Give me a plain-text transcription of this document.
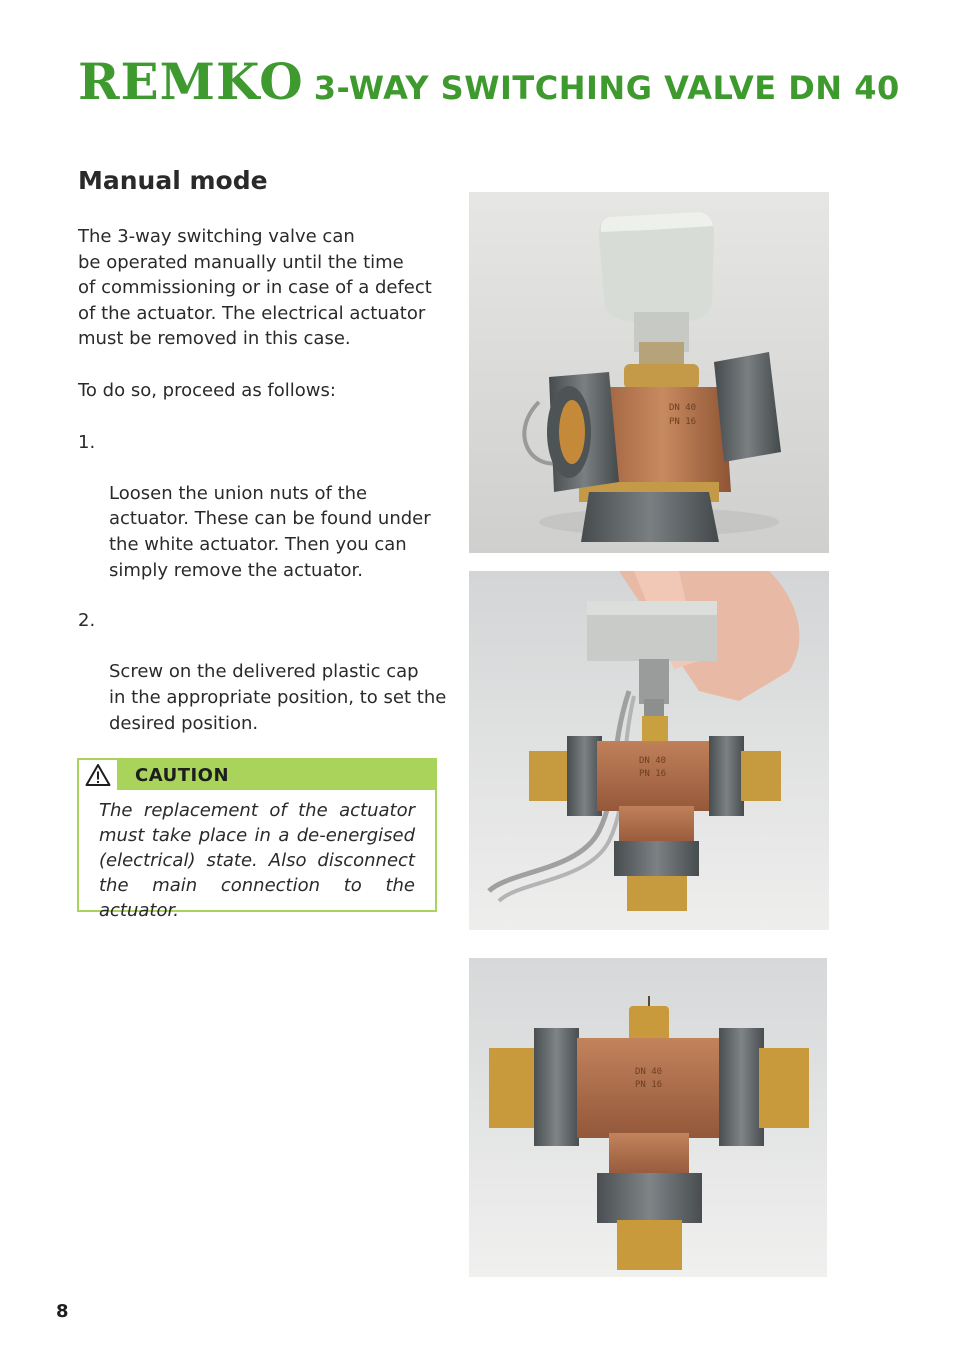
REMKO 3-WAY SWITCHING VALVE DN 40
Manual mode

The 3-way switching valve can
be operated manually until the time
of commissioning or in case of a defect
of the actuator. The electrical actuator
must be removed in this case.

To do so, proceed as follows:

1.

Loosen the union nuts of the
actuator. These can be found under
the white actuator. Then you can
simply remove the actuator.

2.

Screw on the delivered plastic cap
in the appropriate position, to set the
desired position.

CAUTION

The replacement of the actuator must take place in a de-energised (electrical) state. Also disconnect the main connection to the actuator.

DN 40
PN 16
DN 40
PN 16
DN 40
PN 16
8
